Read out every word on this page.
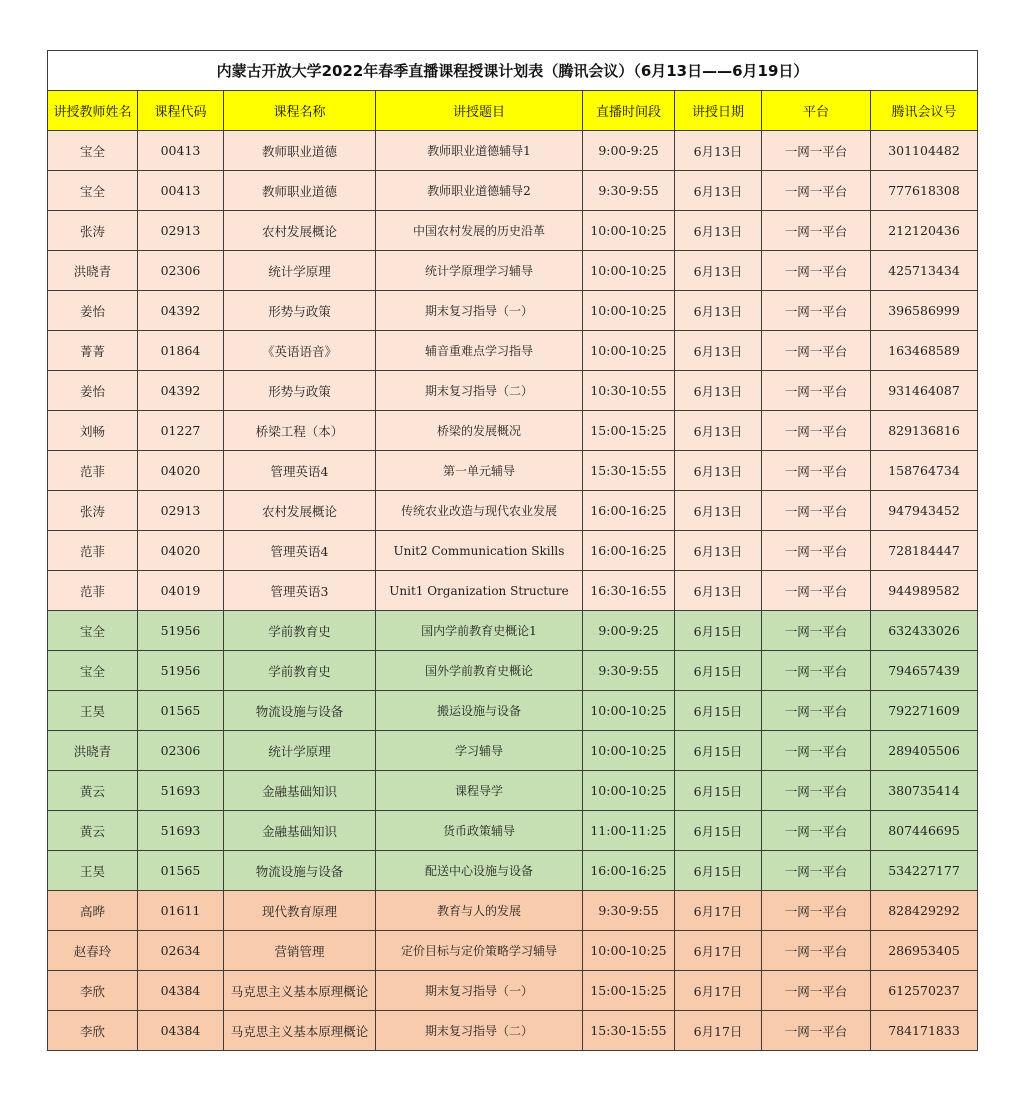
内蒙古开放大学2022年春季直播课程授课计划表（腾讯会议）（6月13日——6月19日）							
讲授教师姓名	课程代码	课程名称	讲授题目	直播时间段	讲授日期	平台	腾讯会议号
宝全	00413	教师职业道德	教师职业道德辅导1	9:00-9:25	6月13日	一网一平台	301104482
宝全	00413	教师职业道德	教师职业道德辅导2	9:30-9:55	6月13日	一网一平台	777618308
张涛	02913	农村发展概论	中国农村发展的历史沿革	10:00-10:25	6月13日	一网一平台	212120436
洪晓青	02306	统计学原理	统计学原理学习辅导	10:00-10:25	6月13日	一网一平台	425713434
姜怡	04392	形势与政策	期末复习指导（一）	10:00-10:25	6月13日	一网一平台	396586999
菁菁	01864	《英语语音》	辅音重难点学习指导	10:00-10:25	6月13日	一网一平台	163468589
姜怡	04392	形势与政策	期末复习指导（二）	10:30-10:55	6月13日	一网一平台	931464087
刘畅	01227	桥梁工程（本）	桥梁的发展概况	15:00-15:25	6月13日	一网一平台	829136816
范菲	04020	管理英语4	第一单元辅导	15:30-15:55	6月13日	一网一平台	158764734
张涛	02913	农村发展概论	传统农业改造与现代农业发展	16:00-16:25	6月13日	一网一平台	947943452
范菲	04020	管理英语4	Unit2 Communication Skills	16:00-16:25	6月13日	一网一平台	728184447
范菲	04019	管理英语3	Unit1 Organization Structure	16:30-16:55	6月13日	一网一平台	944989582
宝全	51956	学前教育史	国内学前教育史概论1	9:00-9:25	6月15日	一网一平台	632433026
宝全	51956	学前教育史	国外学前教育史概论	9:30-9:55	6月15日	一网一平台	794657439
王昊	01565	物流设施与设备	搬运设施与设备	10:00-10:25	6月15日	一网一平台	792271609
洪晓青	02306	统计学原理	学习辅导	10:00-10:25	6月15日	一网一平台	289405506
黄云	51693	金融基础知识	课程导学	10:00-10:25	6月15日	一网一平台	380735414
黄云	51693	金融基础知识	货币政策辅导	11:00-11:25	6月15日	一网一平台	807446695
王昊	01565	物流设施与设备	配送中心设施与设备	16:00-16:25	6月15日	一网一平台	534227177
高晔	01611	现代教育原理	教育与人的发展	9:30-9:55	6月17日	一网一平台	828429292
赵春玲	02634	营销管理	定价目标与定价策略学习辅导	10:00-10:25	6月17日	一网一平台	286953405
李欣	04384	马克思主义基本原理概论	期末复习指导（一）	15:00-15:25	6月17日	一网一平台	612570237
李欣	04384	马克思主义基本原理概论	期末复习指导（二）	15:30-15:55	6月17日	一网一平台	784171833
